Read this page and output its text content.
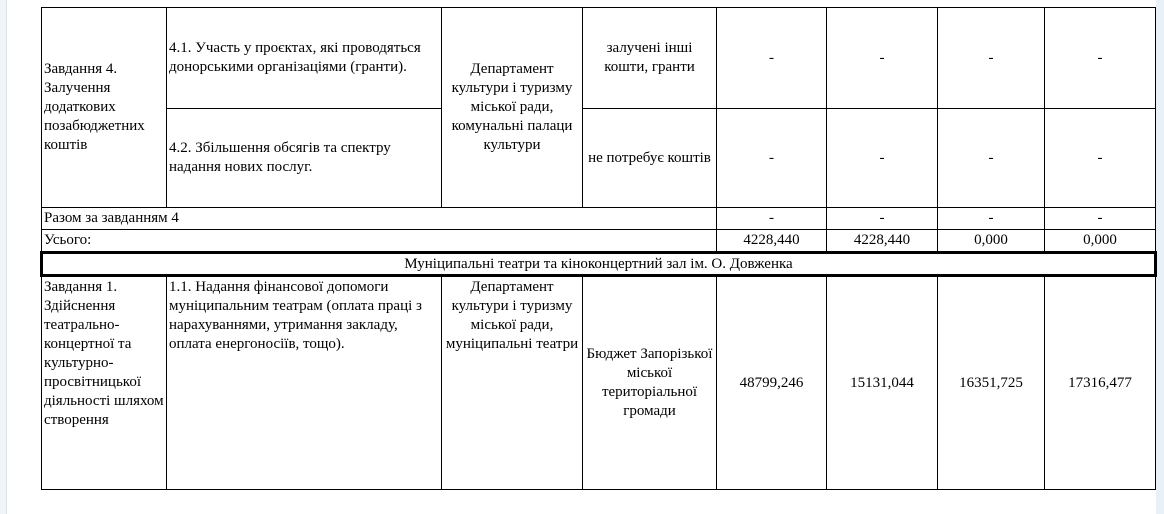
Завдання 4. Залучення додаткових позабюджетних коштів	4.1. Участь у проєктах, які проводяться донорськими організаціями (гранти).	Департамент культури і туризму міської ради, комунальні палаци культури	залучені інші кошти, гранти	-	-	-	-
	4.2. Збільшення обсягів та спектру надання нових послуг.		не потребує коштів	-	-	-	-
Разом за завданням 4				-	-	-	-
Усього:				4228,440	4228,440	0,000	0,000
Муніципальні театри та кіноконцертний зал ім. О. Довженка							
Завдання 1. Здійснення театрально-концертної та культурно-просвітницької діяльності шляхом створення	1.1. Надання фінансової допомоги муніципальним театрам (оплата праці з нарахуваннями, утримання закладу, оплата енергоносіїв, тощо).	Департамент культури і туризму міської ради, муніципальні театри	Бюджет Запорізької міської територіальної громади	48799,246	15131,044	16351,725	17316,477
